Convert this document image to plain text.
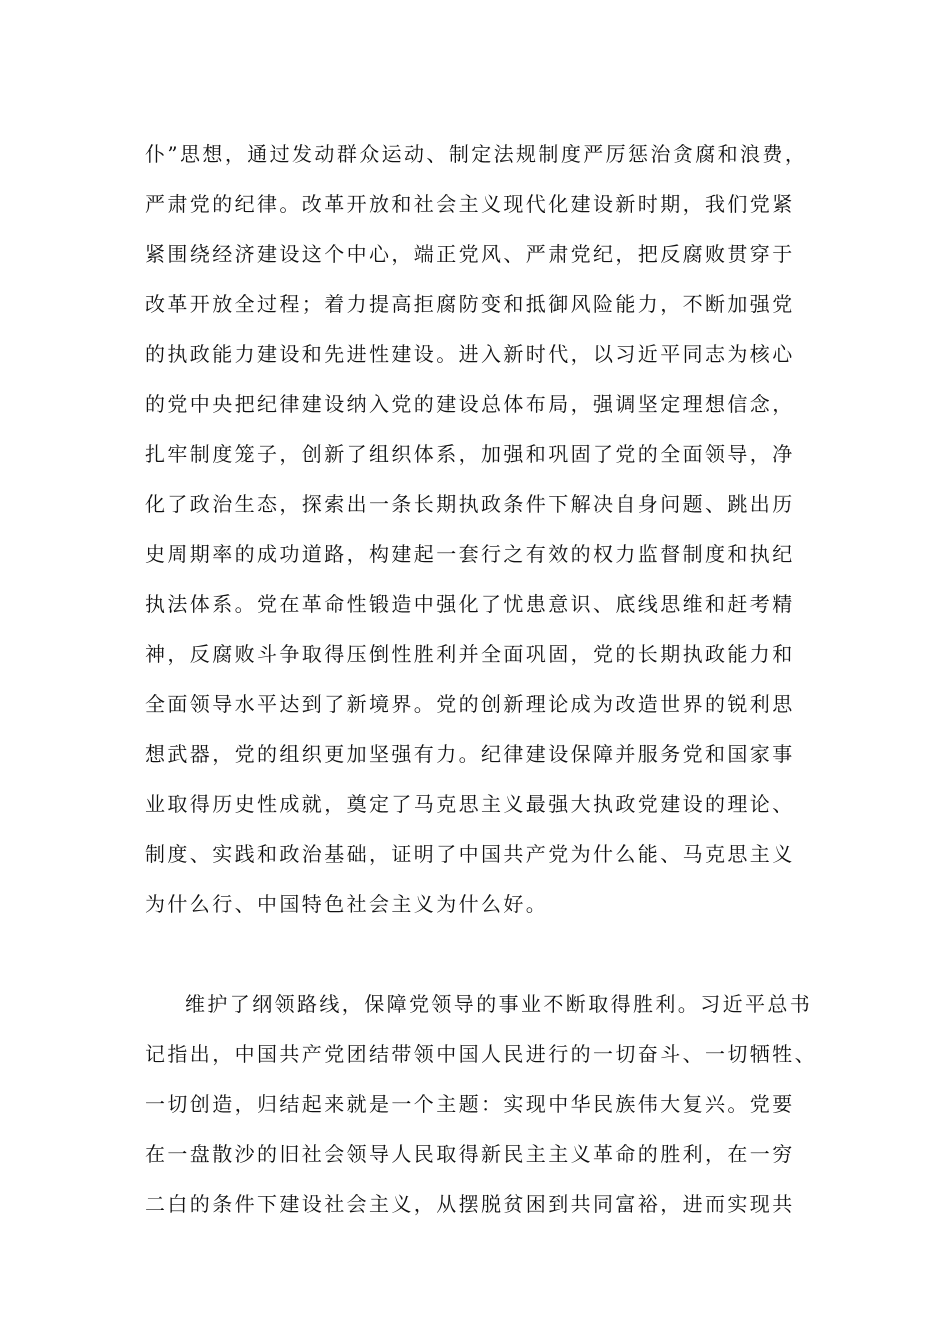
仆”思想，通过发动群众运动、制定法规制度严厉惩治贪腐和浪费，
严肃党的纪律。改革开放和社会主义现代化建设新时期，我们党紧
紧围绕经济建设这个中心，端正党风、严肃党纪，把反腐败贯穿于
改革开放全过程；着力提高拒腐防变和抵御风险能力，不断加强党
的执政能力建设和先进性建设。进入新时代，以习近平同志为核心
的党中央把纪律建设纳入党的建设总体布局，强调坚定理想信念，
扎牢制度笼子，创新了组织体系，加强和巩固了党的全面领导，净
化了政治生态，探索出一条长期执政条件下解决自身问题、跳出历
史周期率的成功道路，构建起一套行之有效的权力监督制度和执纪
执法体系。党在革命性锻造中强化了忧患意识、底线思维和赶考精
神，反腐败斗争取得压倒性胜利并全面巩固，党的长期执政能力和
全面领导水平达到了新境界。党的创新理论成为改造世界的锐利思
想武器，党的组织更加坚强有力。纪律建设保障并服务党和国家事
业取得历史性成就，奠定了马克思主义最强大执政党建设的理论、
制度、实践和政治基础，证明了中国共产党为什么能、马克思主义
为什么行、中国特色社会主义为什么好。
维护了纲领路线，保障党领导的事业不断取得胜利。习近平总书
记指出，中国共产党团结带领中国人民进行的一切奋斗、一切牺牲、
一切创造，归结起来就是一个主题：实现中华民族伟大复兴。党要
在一盘散沙的旧社会领导人民取得新民主主义革命的胜利，在一穷
二白的条件下建设社会主义，从摆脱贫困到共同富裕，进而实现共
